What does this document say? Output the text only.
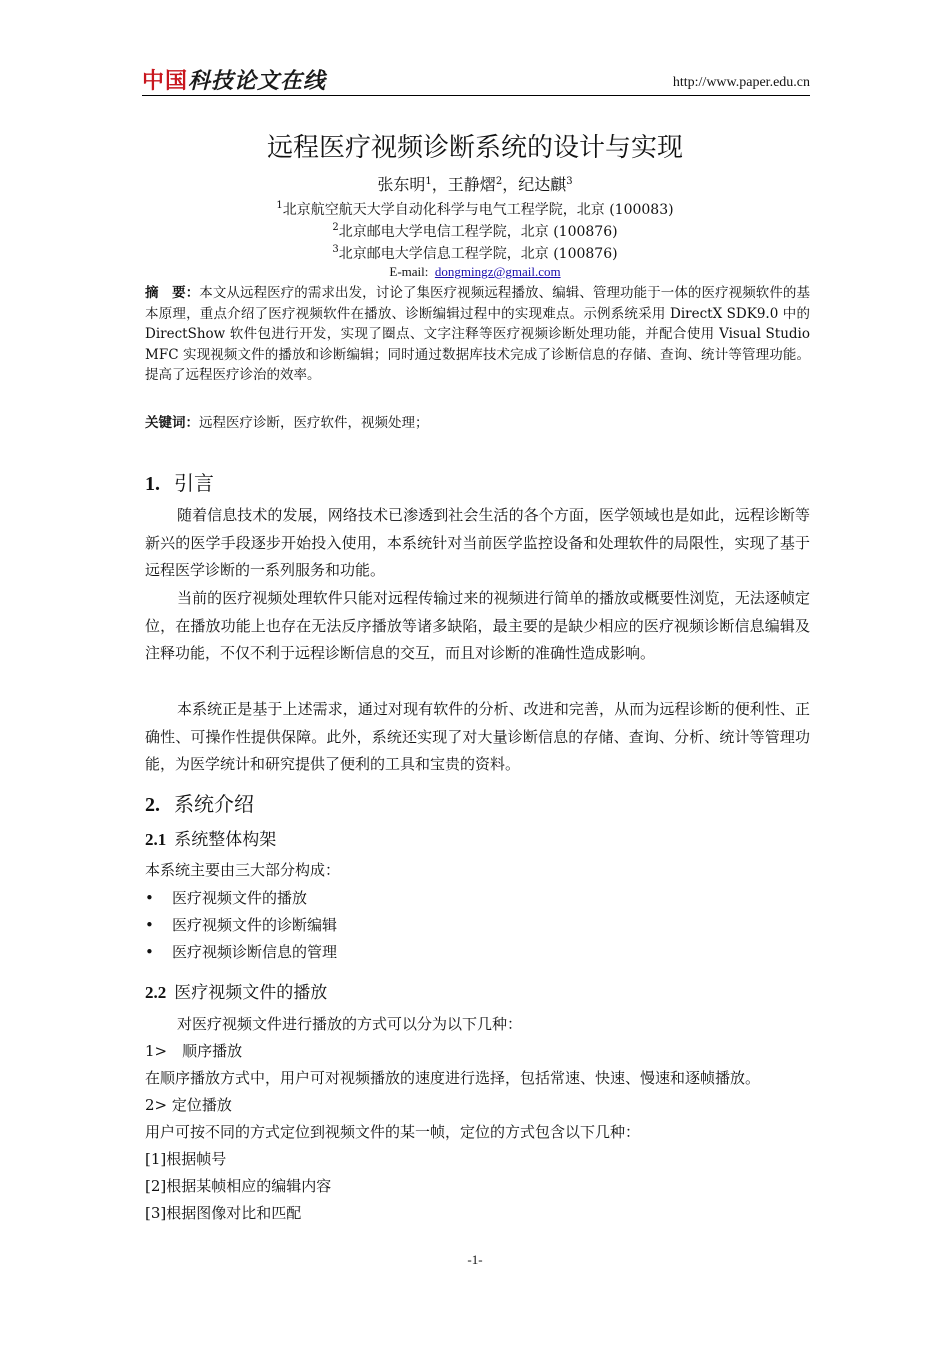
中国科技论文在线	http://www.paper.edu.cn
远程医疗视频诊断系统的设计与实现
张东明$^1$，王静熠$^2$，纪达麒$^3$
$^1$北京航空航天大学自动化科学与电气工程学院，北京 (100083)
$^2$北京邮电大学电信工程学院，北京 (100876)
$^3$北京邮电大学信息工程学院，北京 (100876)
E-mail: dongmingz@gmail.com
摘　要：本文从远程医疗的需求出发，讨论了集医疗视频远程播放、编辑、管理功能于一体的医疗视频软件的基本原理，重点介绍了医疗视频软件在播放、诊断编辑过程中的实现难点。示例系统采用 DirectX SDK9.0 中的 DirectShow 软件包进行开发，实现了圈点、文字注释等医疗视频诊断处理功能，并配合使用 Visual Studio MFC 实现视频文件的播放和诊断编辑；同时通过数据库技术完成了诊断信息的存储、查询、统计等管理功能。提高了远程医疗诊治的效率。
关键词：远程医疗诊断，医疗软件，视频处理；
1. 引言
随着信息技术的发展，网络技术已渗透到社会生活的各个方面，医学领域也是如此，远程诊断等新兴的医学手段逐步开始投入使用，本系统针对当前医学监控设备和处理软件的局限性，实现了基于远程医学诊断的一系列服务和功能。
当前的医疗视频处理软件只能对远程传输过来的视频进行简单的播放或概要性浏览，无法逐帧定位，在播放功能上也存在无法反序播放等诸多缺陷，最主要的是缺少相应的医疗视频诊断信息编辑及注释功能，不仅不利于远程诊断信息的交互，而且对诊断的准确性造成影响。
本系统正是基于上述需求，通过对现有软件的分析、改进和完善，从而为远程诊断的便利性、正确性、可操作性提供保障。此外，系统还实现了对大量诊断信息的存储、查询、分析、统计等管理功能，为医学统计和研究提供了便利的工具和宝贵的资料。
2. 系统介绍
2.1 系统整体构架
本系统主要由三大部分构成：
• 医疗视频文件的播放
• 医疗视频文件的诊断编辑
• 医疗视频诊断信息的管理
2.2 医疗视频文件的播放
对医疗视频文件进行播放的方式可以分为以下几种：
1>　顺序播放
在顺序播放方式中，用户可对视频播放的速度进行选择，包括常速、快速、慢速和逐帧播放。
2> 定位播放
用户可按不同的方式定位到视频文件的某一帧，定位的方式包含以下几种：
[1]根据帧号
[2]根据某帧相应的编辑内容
[3]根据图像对比和匹配
-1-
